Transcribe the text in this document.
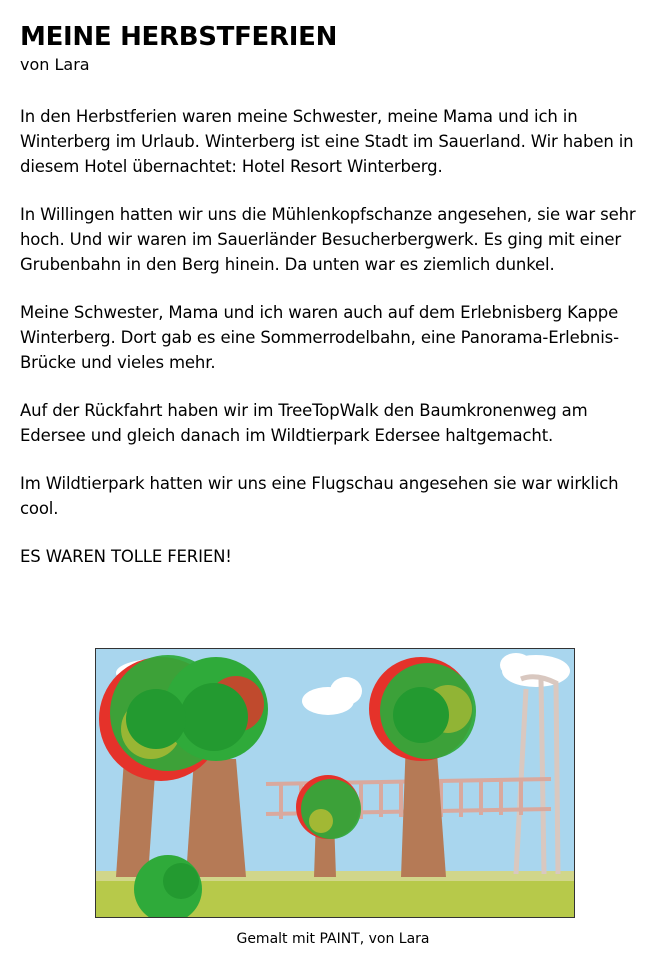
MEINE HERBSTFERIEN

von Lara

In den Herbstferien waren meine Schwester, meine Mama und ich in Winterberg im Urlaub. Winterberg ist eine Stadt im Sauerland. Wir haben in diesem Hotel übernachtet: Hotel Resort Winterberg.

In Willingen hatten wir uns die Mühlenkopfschanze angesehen, sie war sehr hoch. Und wir waren im Sauerländer Besucherbergwerk. Es ging mit einer Grubenbahn in den Berg hinein. Da unten war es ziemlich dunkel.

Meine Schwester, Mama und ich waren auch auf dem Erlebnisberg Kappe Winterberg. Dort gab es eine Sommerrodelbahn, eine Panorama-Erlebnis-Brücke und vieles mehr.

Auf der Rückfahrt haben wir im TreeTopWalk den Baumkronenweg am Edersee und gleich danach im Wildtierpark Edersee haltgemacht.

Im Wildtierpark hatten wir uns eine Flugschau angesehen sie war wirklich cool.

ES WAREN TOLLE FERIEN!

Gemalt mit PAINT, von Lara
